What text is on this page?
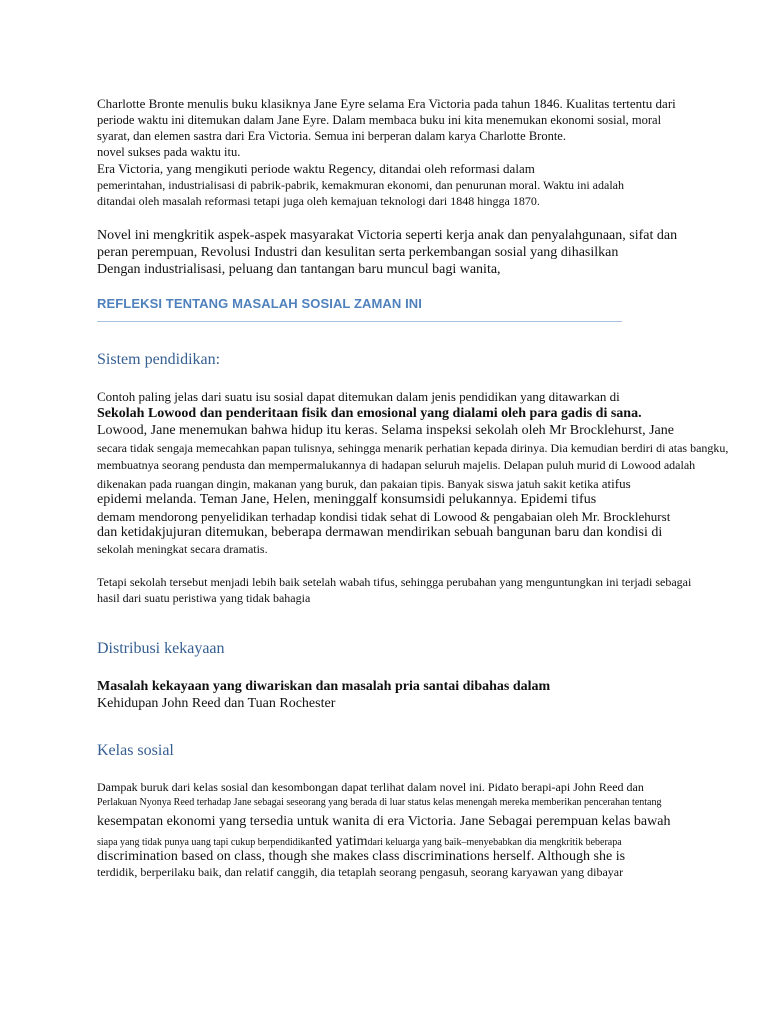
Charlotte Bronte menulis buku klasiknya Jane Eyre selama Era Victoria pada tahun 1846. Kualitas tertentu dari
periode waktu ini ditemukan dalam Jane Eyre. Dalam membaca buku ini kita menemukan ekonomi sosial, moral
syarat, dan elemen sastra dari Era Victoria. Semua ini berperan dalam karya Charlotte Bronte.
novel sukses pada waktu itu.
Era Victoria, yang mengikuti periode waktu Regency, ditandai oleh reformasi dalam
pemerintahan, industrialisasi di pabrik-pabrik, kemakmuran ekonomi, dan penurunan moral. Waktu ini adalah
ditandai oleh masalah reformasi tetapi juga oleh kemajuan teknologi dari 1848 hingga 1870.
Novel ini mengkritik aspek-aspek masyarakat Victoria seperti kerja anak dan penyalahgunaan, sifat dan
peran perempuan, Revolusi Industri dan kesulitan serta perkembangan sosial yang dihasilkan
Dengan industrialisasi, peluang dan tantangan baru muncul bagi wanita,
REFLEKSI TENTANG MASALAH SOSIAL ZAMAN INI
Sistem pendidikan:
Contoh paling jelas dari suatu isu sosial dapat ditemukan dalam jenis pendidikan yang ditawarkan di
Sekolah Lowood dan penderitaan fisik dan emosional yang dialami oleh para gadis di sana.
Lowood, Jane menemukan bahwa hidup itu keras. Selama inspeksi sekolah oleh Mr Brocklehurst, Jane
secara tidak sengaja memecahkan papan tulisnya, sehingga menarik perhatian kepada dirinya. Dia kemudian berdiri di atas bangku,
membuatnya seorang pendusta dan mempermalukannya di hadapan seluruh majelis. Delapan puluh murid di Lowood adalah
dikenakan pada ruangan dingin, makanan yang buruk, dan pakaian tipis. Banyak siswa jatuh sakit ketika atifus
epidemi melanda. Teman Jane, Helen, meninggalf konsumsidi pelukannya. Epidemi tifus
demam mendorong penyelidikan terhadap kondisi tidak sehat di Lowood & pengabaian oleh Mr. Brocklehurst
dan ketidakjujuran ditemukan, beberapa dermawan mendirikan sebuah bangunan baru dan kondisi di
sekolah meningkat secara dramatis.
Tetapi sekolah tersebut menjadi lebih baik setelah wabah tifus, sehingga perubahan yang menguntungkan ini terjadi sebagai
hasil dari suatu peristiwa yang tidak bahagia
Distribusi kekayaan
Masalah kekayaan yang diwariskan dan masalah pria santai dibahas dalam
Kehidupan John Reed dan Tuan Rochester
Kelas sosial
Dampak buruk dari kelas sosial dan kesombongan dapat terlihat dalam novel ini. Pidato berapi-api John Reed dan
Perlakuan Nyonya Reed terhadap Jane sebagai seseorang yang berada di luar status kelas menengah mereka memberikan pencerahan tentang
kesempatan ekonomi yang tersedia untuk wanita di era Victoria. Jane Sebagai perempuan kelas bawah
siapa yang tidak punya uang tapi cukup berpendidikanted yatimdari keluarga yang baik–menyebabkan dia mengkritik beberapa
discrimination based on class, though she makes class discriminations herself. Although she is
terdidik, berperilaku baik, dan relatif canggih, dia tetaplah seorang pengasuh, seorang karyawan yang dibayar
